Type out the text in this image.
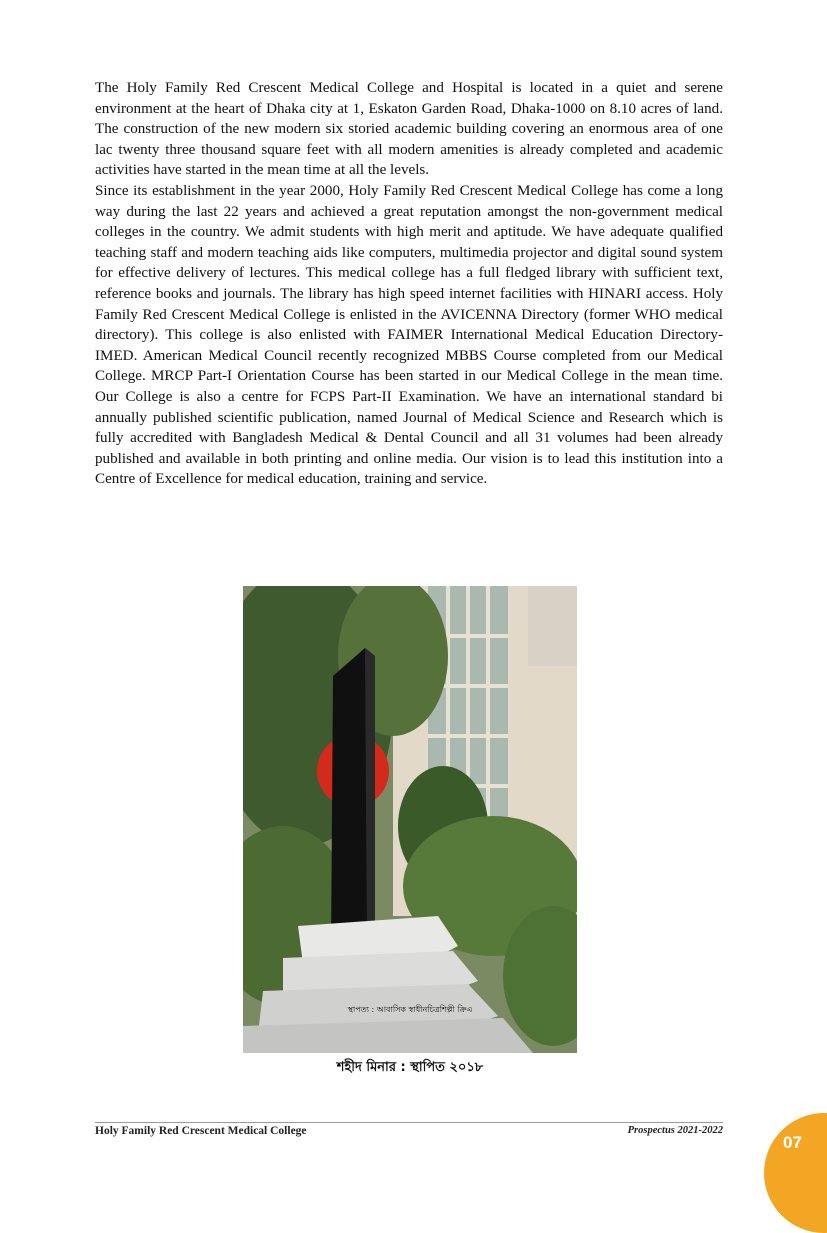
The Holy Family Red Crescent Medical College and Hospital is located in a quiet and serene environment at the heart of Dhaka city at 1, Eskaton Garden Road, Dhaka-1000 on 8.10 acres of land. The construction of the new modern six storied academic building covering an enormous area of one lac twenty three thousand square feet with all modern amenities is already completed and academic activities have started in the mean time at all the levels.

Since its establishment in the year 2000, Holy Family Red Crescent Medical College has come a long way during the last 22 years and achieved a great reputation amongst the non-government medical colleges in the country. We admit students with high merit and aptitude. We have adequate qualified teaching staff and modern teaching aids like computers, multimedia projector and digital sound system for effective delivery of lectures. This medical college has a full fledged library with sufficient text, reference books and journals. The library has high speed internet facilities with HINARI access. Holy Family Red Crescent Medical College is enlisted in the AVICENNA Directory (former WHO medical directory). This college is also enlisted with FAIMER International Medical Education Directory-IMED. American Medical Council recently recognized MBBS Course completed from our Medical College. MRCP Part-I Orientation Course has been started in our Medical College in the mean time. Our College is also a centre for FCPS Part-II Examination. We have an international standard bi annually published scientific publication, named Journal of Medical Science and Research which is fully accredited with Bangladesh Medical & Dental Council and all 31 volumes had been already published and available in both printing and online media. Our vision is to lead this institution into a Centre of Excellence for medical education, training and service.

স্থাপত্য : আবাসিক স্বাধীনচিত্রশিল্পী ক্রিএ
শহীদ মিনার : স্থাপিত ২০১৮
Holy Family Red Crescent Medical College	Prospectus 2021-2022
07
